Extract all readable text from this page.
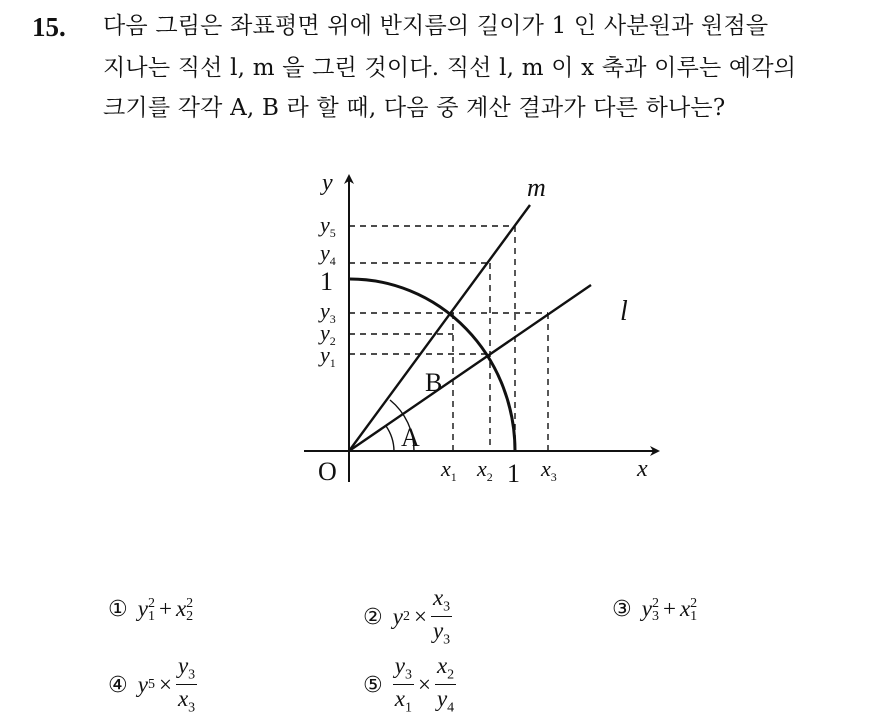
15. 다음 그림은 좌표평면 위에 반지름의 길이가 1 인 사분원과 원점을
지나는 직선 l, m 을 그린 것이다. 직선 l, m 이 x 축과 이루는 예각의
크기를 각각 A, B 라 할 때, 다음 중 계산 결과가 다른 하나는?
y
x
O	1
1
m
l
A
B
$y_5$
$y_4$
$y_3$
$y_2$
$y_1$
$x_1$ $x_2$ $x_3$
① y 2
1 + x 2
2	② y $2 \times \frac{x_3}{y_3}$	③ y 2
3 + x 2
1
④ y $5 \times \frac{y_3}{x_3}$	⑤ $\frac{y_3}{x_1} \times \frac{x_2}{y_4}$
